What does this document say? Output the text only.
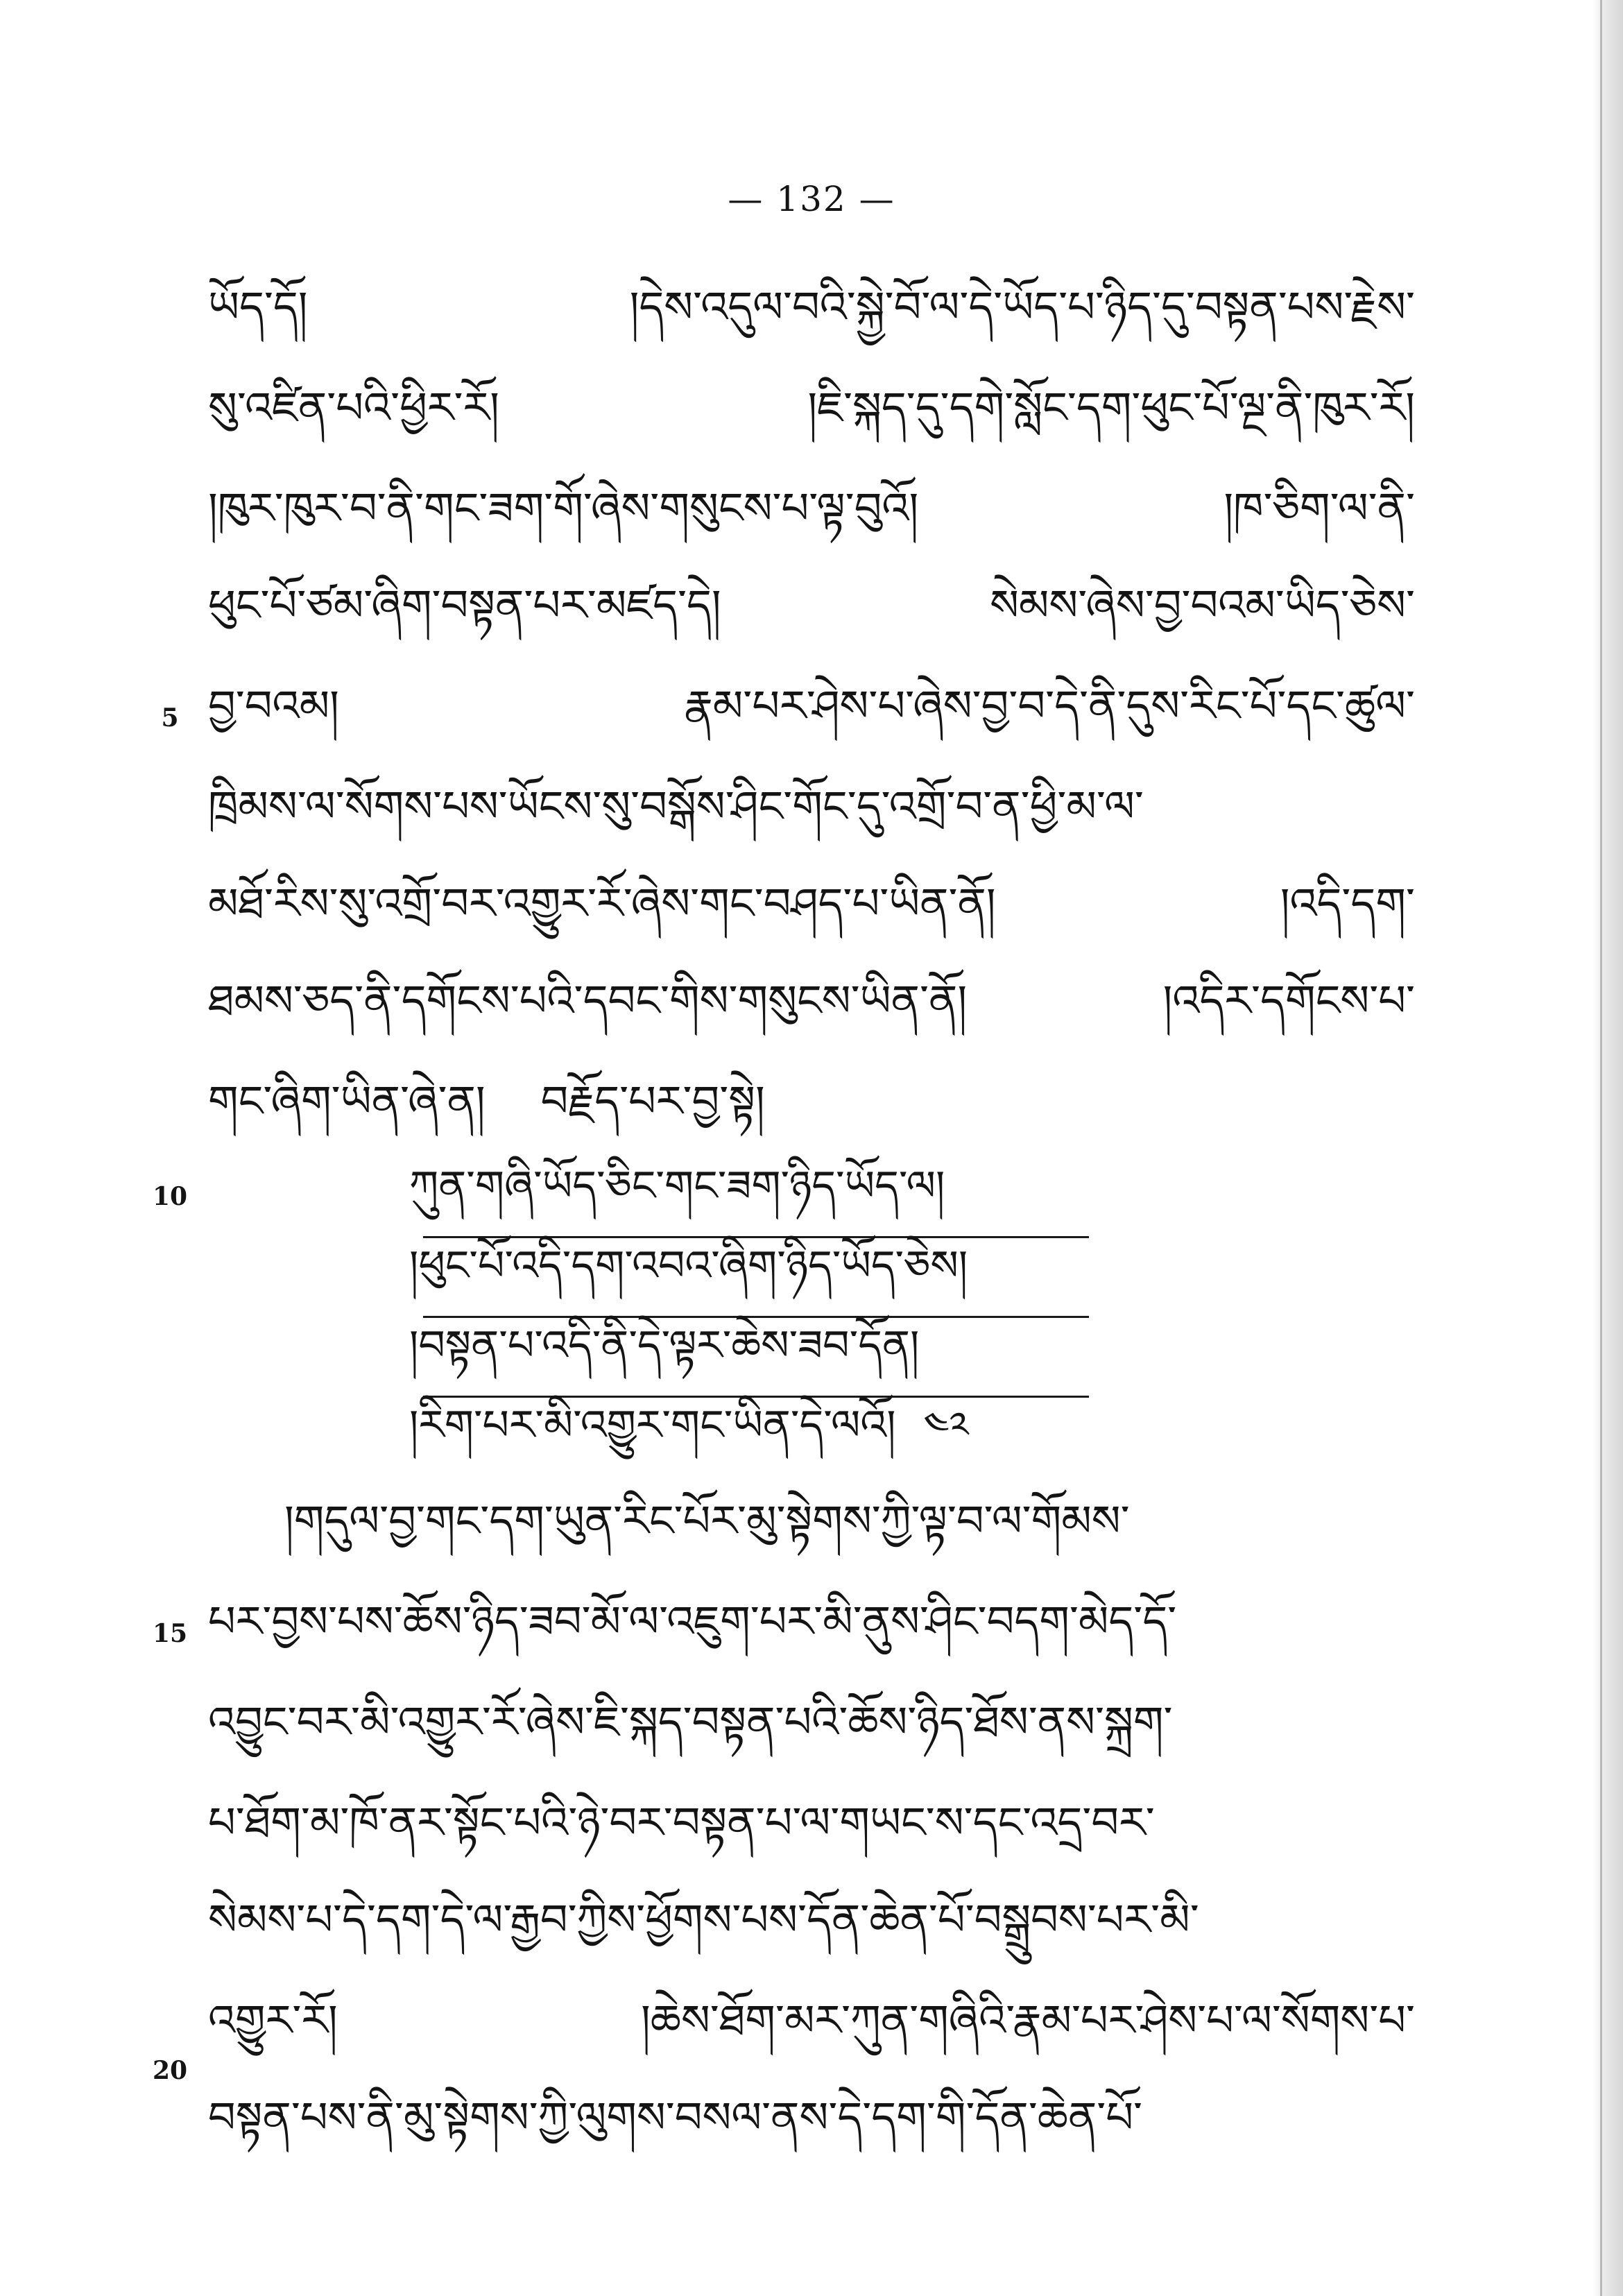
— 132 —
ཡོད་དོ།	།དེས་འདུལ་བའི་སྐྱེ་བོ་ལ་དེ་ཡོད་པ་ཉིད་དུ་བསྟན་པས་རྗེས་
སུ་འཛིན་པའི་ཕྱིར་རོ།	།ཇི་སྐད་དུ་དགེ་སློང་དག་ཕུང་པོ་ལྔ་ནི་ཁུར་རོ།
།ཁུར་ཁུར་བ་ནི་གང་ཟག་གོ་ཞེས་གསུངས་པ་ལྟ་བུའོ།	།ཁ་ཅིག་ལ་ནི་
ཕུང་པོ་ཙམ་ཞིག་བསྟན་པར་མཛད་དེ།	སེམས་ཞེས་བྱ་བའམ་ཡིད་ཅེས་
བྱ་བའམ།	རྣམ་པར་ཤེས་པ་ཞེས་བྱ་བ་དེ་ནི་དུས་རིང་པོ་དང་ཚུལ་
ཁྲིམས་ལ་སོགས་པས་ཡོངས་སུ་བསྒོས་ཤིང་གོང་དུ་འགྲོ་བ་ན་ཕྱི་མ་ལ་
མཐོ་རིས་སུ་འགྲོ་བར་འགྱུར་རོ་ཞེས་གང་བཤད་པ་ཡིན་ནོ།	།འདི་དག་
ཐམས་ཅད་ནི་དགོངས་པའི་དབང་གིས་གསུངས་ཡིན་ནོ།	།འདིར་དགོངས་པ་
གང་ཞིག་ཡིན་ཞེ་ན། བརྗོད་པར་བྱ་སྟེ།
5
10
15
20
ཀུན་གཞི་ཡོད་ཅིང་གང་ཟག་ཉིད་ཡོད་ལ།
།ཕུང་པོ་འདི་དག་འབའ་ཞིག་ཉིད་ཡོད་ཅེས།
།བསྟན་པ་འདི་ནི་དེ་ལྟར་ཆེས་ཟབ་དོན།
།རིག་པར་མི་འགྱུར་གང་ཡིན་དེ་ལའོ། ༤༢
།གདུལ་བྱ་གང་དག་ཡུན་རིང་པོར་མུ་སྟེགས་ཀྱི་ལྟ་བ་ལ་གོམས་
པར་བྱས་པས་ཆོས་ཉིད་ཟབ་མོ་ལ་འཇུག་པར་མི་ནུས་ཤིང་བདག་མེད་དོ་
འབྱུང་བར་མི་འགྱུར་རོ་ཞེས་ཇི་སྐད་བསྟན་པའི་ཆོས་ཉིད་ཐོས་ནས་སྐྲག་
པ་ཐོག་མ་ཁོ་ནར་སྟོང་པའི་ཉེ་བར་བསྟན་པ་ལ་གཡང་ས་དང་འདྲ་བར་
སེམས་པ་དེ་དག་དེ་ལ་རྒྱབ་ཀྱིས་ཕྱོགས་པས་དོན་ཆེན་པོ་བསྒྲུབས་པར་མི་
འགྱུར་རོ།	།ཆེས་ཐོག་མར་ཀུན་གཞིའི་རྣམ་པར་ཤེས་པ་ལ་སོགས་པ་
བསྟན་པས་ནི་མུ་སྟེགས་ཀྱི་ལུགས་བསལ་ནས་དེ་དག་གི་དོན་ཆེན་པོ་
